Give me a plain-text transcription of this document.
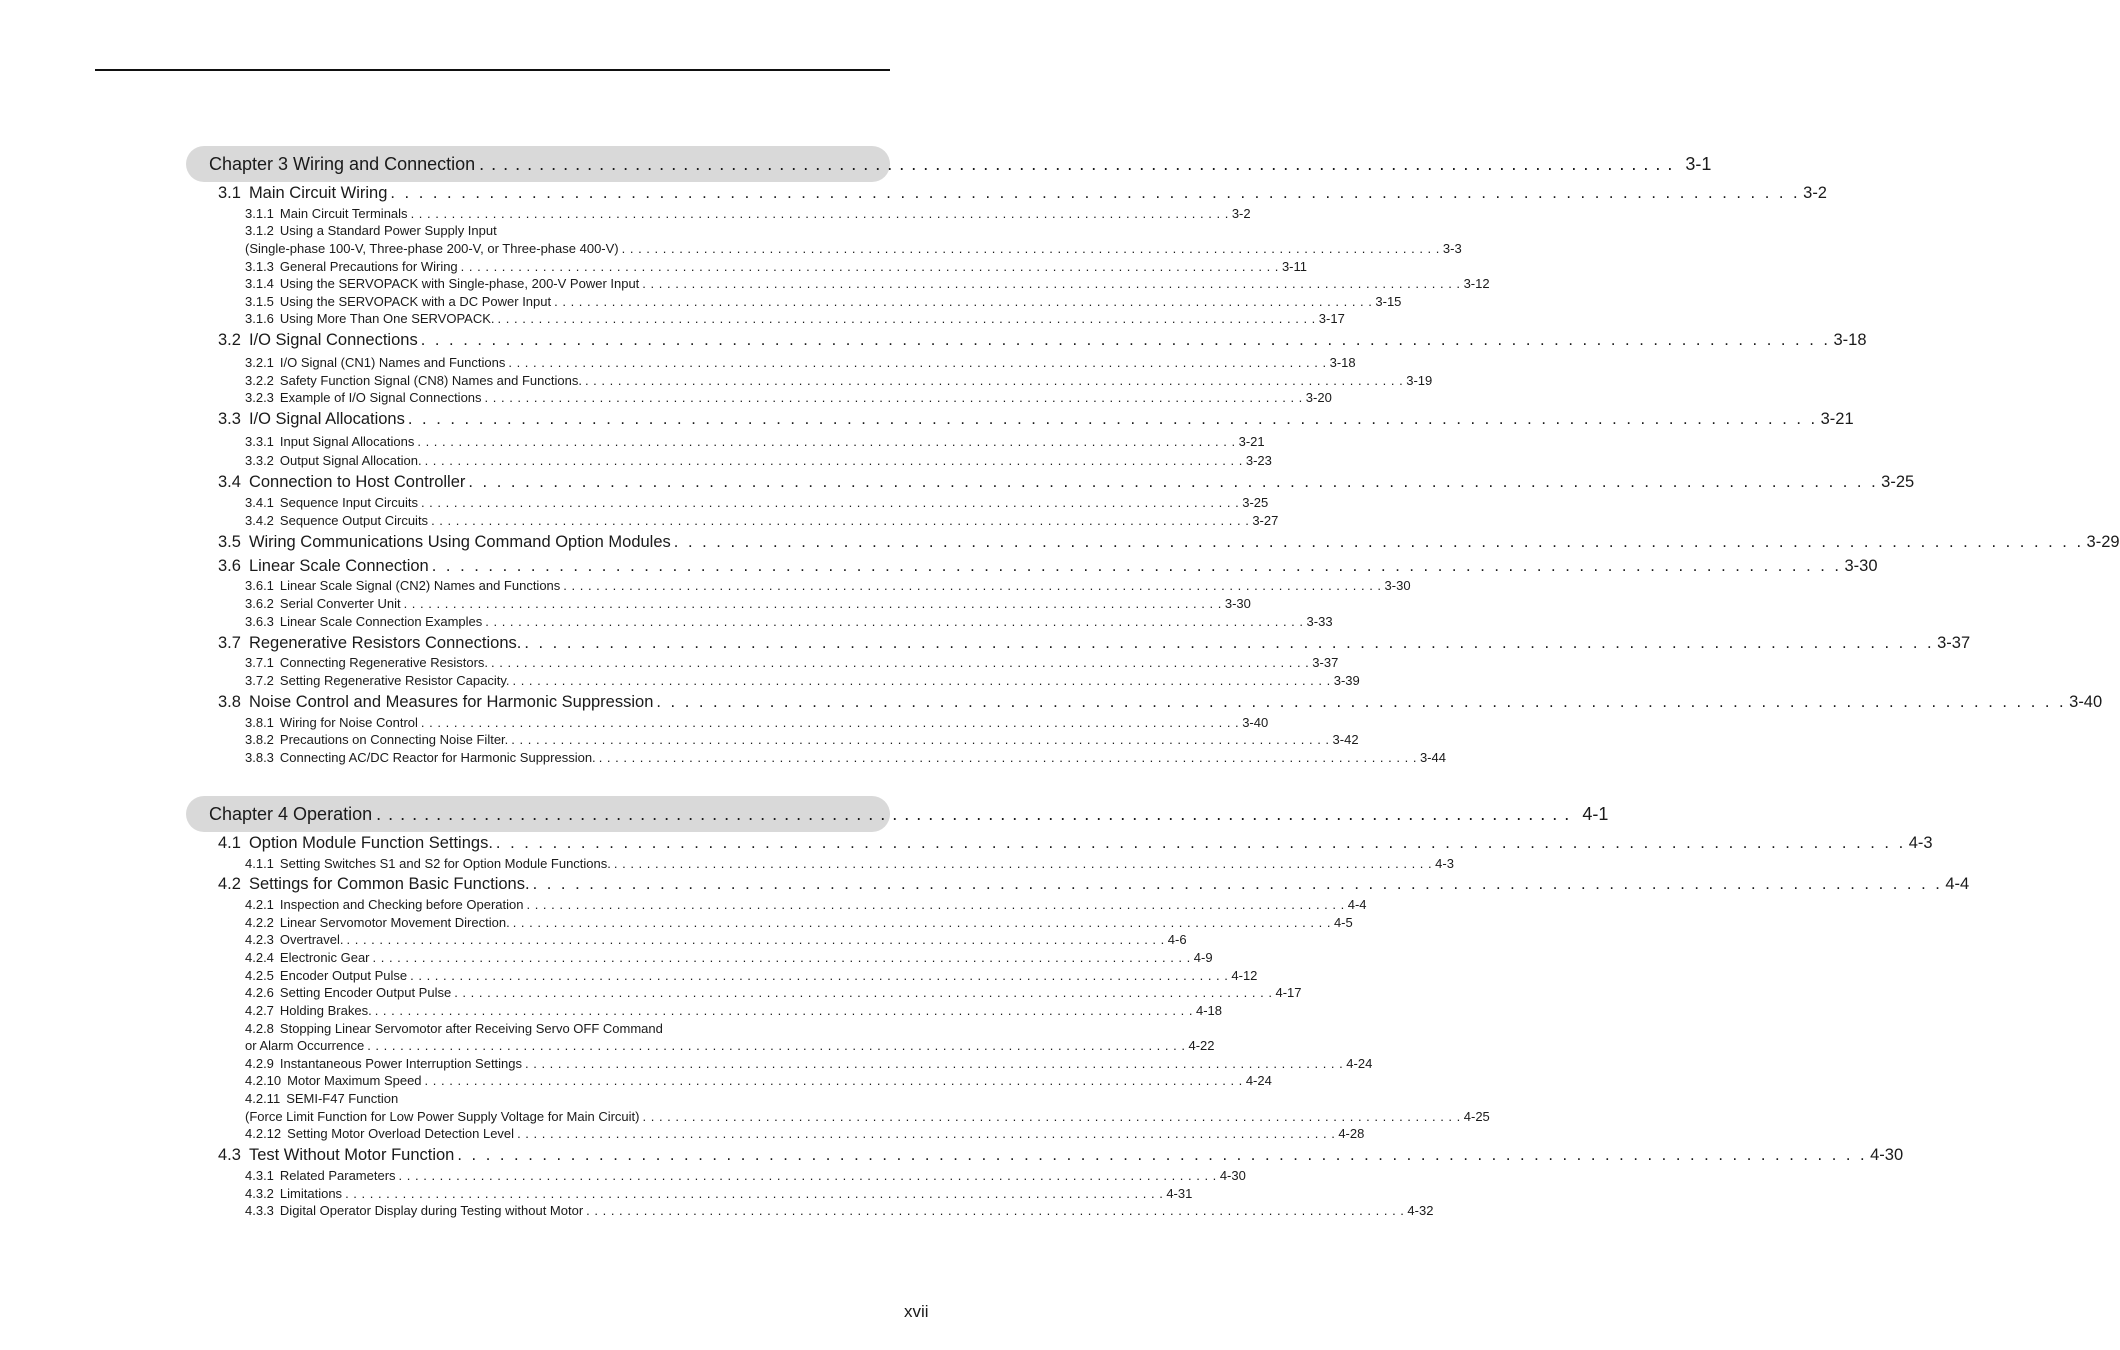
Chapter 3 Wiring and Connection . . . . . . . . . . . . . . . . . . . . . . . . . . . . . . . . . . . . . . . . . . . . . . . . . . . . . . . . . . . . . . . . . . . . . . . . . . . . . . . . . . . . . . . . . . . . . . . . . . . . 3-1
3.1 Main Circuit Wiring . . . . . . . . . . . . . . . . . . . . . . . . . . . . . . . . . . . . . . . . . . . . . . . . . . . . . . . . . . . . . . . . . . . . . . . . . . . . . . . . . . . . . . . . . . . . . . . . . . . . 3-2
3.1.1 Main Circuit Terminals . . . . . . . . . . . . . . . . . . . . . . . . . . . . . . . . . . . . . . . . . . . . . . . . . . . . . . . . . . . . . . . . . . . . . . . . . . . . . . . . . . . . . . . . . . . . . . . . . . . . 3-2
3.1.2 Using a Standard Power Supply Input
(Single-phase 100-V, Three-phase 200-V, or Three-phase 400-V) . . . . . . . . . . . . . . . . . . . . . . . . . . . . . . . . . . . . . . . . . . . . . . . . . . . . . . . . . . . . . . . . . . . . . . . . . . . . . . . . . . . . . . . . . . . . . . . . . . . . 3-3
3.1.3 General Precautions for Wiring . . . . . . . . . . . . . . . . . . . . . . . . . . . . . . . . . . . . . . . . . . . . . . . . . . . . . . . . . . . . . . . . . . . . . . . . . . . . . . . . . . . . . . . . . . . . . . . . . . . . 3-11
3.1.4 Using the SERVOPACK with Single-phase, 200-V Power Input . . . . . . . . . . . . . . . . . . . . . . . . . . . . . . . . . . . . . . . . . . . . . . . . . . . . . . . . . . . . . . . . . . . . . . . . . . . . . . . . . . . . . . . . . . . . . . . . . . . . 3-12
3.1.5 Using the SERVOPACK with a DC Power Input . . . . . . . . . . . . . . . . . . . . . . . . . . . . . . . . . . . . . . . . . . . . . . . . . . . . . . . . . . . . . . . . . . . . . . . . . . . . . . . . . . . . . . . . . . . . . . . . . . . . 3-15
3.1.6 Using More Than One SERVOPACK. . . . . . . . . . . . . . . . . . . . . . . . . . . . . . . . . . . . . . . . . . . . . . . . . . . . . . . . . . . . . . . . . . . . . . . . . . . . . . . . . . . . . . . . . . . . . . . . . . . . . 3-17
3.2 I/O Signal Connections . . . . . . . . . . . . . . . . . . . . . . . . . . . . . . . . . . . . . . . . . . . . . . . . . . . . . . . . . . . . . . . . . . . . . . . . . . . . . . . . . . . . . . . . . . . . . . . . . . . . 3-18
3.2.1 I/O Signal (CN1) Names and Functions . . . . . . . . . . . . . . . . . . . . . . . . . . . . . . . . . . . . . . . . . . . . . . . . . . . . . . . . . . . . . . . . . . . . . . . . . . . . . . . . . . . . . . . . . . . . . . . . . . . . 3-18
3.2.2 Safety Function Signal (CN8) Names and Functions. . . . . . . . . . . . . . . . . . . . . . . . . . . . . . . . . . . . . . . . . . . . . . . . . . . . . . . . . . . . . . . . . . . . . . . . . . . . . . . . . . . . . . . . . . . . . . . . . . . . . 3-19
3.2.3 Example of I/O Signal Connections . . . . . . . . . . . . . . . . . . . . . . . . . . . . . . . . . . . . . . . . . . . . . . . . . . . . . . . . . . . . . . . . . . . . . . . . . . . . . . . . . . . . . . . . . . . . . . . . . . . . 3-20
3.3 I/O Signal Allocations . . . . . . . . . . . . . . . . . . . . . . . . . . . . . . . . . . . . . . . . . . . . . . . . . . . . . . . . . . . . . . . . . . . . . . . . . . . . . . . . . . . . . . . . . . . . . . . . . . . . 3-21
3.3.1 Input Signal Allocations . . . . . . . . . . . . . . . . . . . . . . . . . . . . . . . . . . . . . . . . . . . . . . . . . . . . . . . . . . . . . . . . . . . . . . . . . . . . . . . . . . . . . . . . . . . . . . . . . . . . 3-21
3.3.2 Output Signal Allocation. . . . . . . . . . . . . . . . . . . . . . . . . . . . . . . . . . . . . . . . . . . . . . . . . . . . . . . . . . . . . . . . . . . . . . . . . . . . . . . . . . . . . . . . . . . . . . . . . . . . . 3-23
3.4 Connection to Host Controller . . . . . . . . . . . . . . . . . . . . . . . . . . . . . . . . . . . . . . . . . . . . . . . . . . . . . . . . . . . . . . . . . . . . . . . . . . . . . . . . . . . . . . . . . . . . . . . . . . . . 3-25
3.4.1 Sequence Input Circuits . . . . . . . . . . . . . . . . . . . . . . . . . . . . . . . . . . . . . . . . . . . . . . . . . . . . . . . . . . . . . . . . . . . . . . . . . . . . . . . . . . . . . . . . . . . . . . . . . . . . 3-25
3.4.2 Sequence Output Circuits . . . . . . . . . . . . . . . . . . . . . . . . . . . . . . . . . . . . . . . . . . . . . . . . . . . . . . . . . . . . . . . . . . . . . . . . . . . . . . . . . . . . . . . . . . . . . . . . . . . . 3-27
3.5 Wiring Communications Using Command Option Modules . . . . . . . . . . . . . . . . . . . . . . . . . . . . . . . . . . . . . . . . . . . . . . . . . . . . . . . . . . . . . . . . . . . . . . . . . . . . . . . . . . . . . . . . . . . . . . . . . . . . 3-29
3.6 Linear Scale Connection . . . . . . . . . . . . . . . . . . . . . . . . . . . . . . . . . . . . . . . . . . . . . . . . . . . . . . . . . . . . . . . . . . . . . . . . . . . . . . . . . . . . . . . . . . . . . . . . . . . . 3-30
3.6.1 Linear Scale Signal (CN2) Names and Functions . . . . . . . . . . . . . . . . . . . . . . . . . . . . . . . . . . . . . . . . . . . . . . . . . . . . . . . . . . . . . . . . . . . . . . . . . . . . . . . . . . . . . . . . . . . . . . . . . . . . 3-30
3.6.2 Serial Converter Unit . . . . . . . . . . . . . . . . . . . . . . . . . . . . . . . . . . . . . . . . . . . . . . . . . . . . . . . . . . . . . . . . . . . . . . . . . . . . . . . . . . . . . . . . . . . . . . . . . . . . 3-30
3.6.3 Linear Scale Connection Examples . . . . . . . . . . . . . . . . . . . . . . . . . . . . . . . . . . . . . . . . . . . . . . . . . . . . . . . . . . . . . . . . . . . . . . . . . . . . . . . . . . . . . . . . . . . . . . . . . . . . 3-33
3.7 Regenerative Resistors Connections. . . . . . . . . . . . . . . . . . . . . . . . . . . . . . . . . . . . . . . . . . . . . . . . . . . . . . . . . . . . . . . . . . . . . . . . . . . . . . . . . . . . . . . . . . . . . . . . . . . . . 3-37
3.7.1 Connecting Regenerative Resistors. . . . . . . . . . . . . . . . . . . . . . . . . . . . . . . . . . . . . . . . . . . . . . . . . . . . . . . . . . . . . . . . . . . . . . . . . . . . . . . . . . . . . . . . . . . . . . . . . . . . . 3-37
3.7.2 Setting Regenerative Resistor Capacity. . . . . . . . . . . . . . . . . . . . . . . . . . . . . . . . . . . . . . . . . . . . . . . . . . . . . . . . . . . . . . . . . . . . . . . . . . . . . . . . . . . . . . . . . . . . . . . . . . . . . 3-39
3.8 Noise Control and Measures for Harmonic Suppression . . . . . . . . . . . . . . . . . . . . . . . . . . . . . . . . . . . . . . . . . . . . . . . . . . . . . . . . . . . . . . . . . . . . . . . . . . . . . . . . . . . . . . . . . . . . . . . . . . . . 3-40
3.8.1 Wiring for Noise Control . . . . . . . . . . . . . . . . . . . . . . . . . . . . . . . . . . . . . . . . . . . . . . . . . . . . . . . . . . . . . . . . . . . . . . . . . . . . . . . . . . . . . . . . . . . . . . . . . . . . 3-40
3.8.2 Precautions on Connecting Noise Filter. . . . . . . . . . . . . . . . . . . . . . . . . . . . . . . . . . . . . . . . . . . . . . . . . . . . . . . . . . . . . . . . . . . . . . . . . . . . . . . . . . . . . . . . . . . . . . . . . . . . . 3-42
3.8.3 Connecting AC/DC Reactor for Harmonic Suppression. . . . . . . . . . . . . . . . . . . . . . . . . . . . . . . . . . . . . . . . . . . . . . . . . . . . . . . . . . . . . . . . . . . . . . . . . . . . . . . . . . . . . . . . . . . . . . . . . . . . . 3-44
Chapter 4 Operation . . . . . . . . . . . . . . . . . . . . . . . . . . . . . . . . . . . . . . . . . . . . . . . . . . . . . . . . . . . . . . . . . . . . . . . . . . . . . . . . . . . . . . . . . . . . . . . . . . . . 4-1
4.1 Option Module Function Settings. . . . . . . . . . . . . . . . . . . . . . . . . . . . . . . . . . . . . . . . . . . . . . . . . . . . . . . . . . . . . . . . . . . . . . . . . . . . . . . . . . . . . . . . . . . . . . . . . . . . . 4-3
4.1.1 Setting Switches S1 and S2 for Option Module Functions. . . . . . . . . . . . . . . . . . . . . . . . . . . . . . . . . . . . . . . . . . . . . . . . . . . . . . . . . . . . . . . . . . . . . . . . . . . . . . . . . . . . . . . . . . . . . . . . . . . . . 4-3
4.2 Settings for Common Basic Functions. . . . . . . . . . . . . . . . . . . . . . . . . . . . . . . . . . . . . . . . . . . . . . . . . . . . . . . . . . . . . . . . . . . . . . . . . . . . . . . . . . . . . . . . . . . . . . . . . . . . . 4-4
4.2.1 Inspection and Checking before Operation . . . . . . . . . . . . . . . . . . . . . . . . . . . . . . . . . . . . . . . . . . . . . . . . . . . . . . . . . . . . . . . . . . . . . . . . . . . . . . . . . . . . . . . . . . . . . . . . . . . . 4-4
4.2.2 Linear Servomotor Movement Direction. . . . . . . . . . . . . . . . . . . . . . . . . . . . . . . . . . . . . . . . . . . . . . . . . . . . . . . . . . . . . . . . . . . . . . . . . . . . . . . . . . . . . . . . . . . . . . . . . . . . . 4-5
4.2.3 Overtravel. . . . . . . . . . . . . . . . . . . . . . . . . . . . . . . . . . . . . . . . . . . . . . . . . . . . . . . . . . . . . . . . . . . . . . . . . . . . . . . . . . . . . . . . . . . . . . . . . . . . . 4-6
4.2.4 Electronic Gear . . . . . . . . . . . . . . . . . . . . . . . . . . . . . . . . . . . . . . . . . . . . . . . . . . . . . . . . . . . . . . . . . . . . . . . . . . . . . . . . . . . . . . . . . . . . . . . . . . . . 4-9
4.2.5 Encoder Output Pulse . . . . . . . . . . . . . . . . . . . . . . . . . . . . . . . . . . . . . . . . . . . . . . . . . . . . . . . . . . . . . . . . . . . . . . . . . . . . . . . . . . . . . . . . . . . . . . . . . . . . 4-12
4.2.6 Setting Encoder Output Pulse . . . . . . . . . . . . . . . . . . . . . . . . . . . . . . . . . . . . . . . . . . . . . . . . . . . . . . . . . . . . . . . . . . . . . . . . . . . . . . . . . . . . . . . . . . . . . . . . . . . . 4-17
4.2.7 Holding Brakes. . . . . . . . . . . . . . . . . . . . . . . . . . . . . . . . . . . . . . . . . . . . . . . . . . . . . . . . . . . . . . . . . . . . . . . . . . . . . . . . . . . . . . . . . . . . . . . . . . . . . 4-18
4.2.8 Stopping Linear Servomotor after Receiving Servo OFF Command
or Alarm Occurrence . . . . . . . . . . . . . . . . . . . . . . . . . . . . . . . . . . . . . . . . . . . . . . . . . . . . . . . . . . . . . . . . . . . . . . . . . . . . . . . . . . . . . . . . . . . . . . . . . . . . 4-22
4.2.9 Instantaneous Power Interruption Settings . . . . . . . . . . . . . . . . . . . . . . . . . . . . . . . . . . . . . . . . . . . . . . . . . . . . . . . . . . . . . . . . . . . . . . . . . . . . . . . . . . . . . . . . . . . . . . . . . . . . 4-24
4.2.10 Motor Maximum Speed . . . . . . . . . . . . . . . . . . . . . . . . . . . . . . . . . . . . . . . . . . . . . . . . . . . . . . . . . . . . . . . . . . . . . . . . . . . . . . . . . . . . . . . . . . . . . . . . . . . . 4-24
4.2.11 SEMI-F47 Function
(Force Limit Function for Low Power Supply Voltage for Main Circuit) . . . . . . . . . . . . . . . . . . . . . . . . . . . . . . . . . . . . . . . . . . . . . . . . . . . . . . . . . . . . . . . . . . . . . . . . . . . . . . . . . . . . . . . . . . . . . . . . . . . . 4-25
4.2.12 Setting Motor Overload Detection Level . . . . . . . . . . . . . . . . . . . . . . . . . . . . . . . . . . . . . . . . . . . . . . . . . . . . . . . . . . . . . . . . . . . . . . . . . . . . . . . . . . . . . . . . . . . . . . . . . . . . 4-28
4.3 Test Without Motor Function . . . . . . . . . . . . . . . . . . . . . . . . . . . . . . . . . . . . . . . . . . . . . . . . . . . . . . . . . . . . . . . . . . . . . . . . . . . . . . . . . . . . . . . . . . . . . . . . . . . . 4-30
4.3.1 Related Parameters . . . . . . . . . . . . . . . . . . . . . . . . . . . . . . . . . . . . . . . . . . . . . . . . . . . . . . . . . . . . . . . . . . . . . . . . . . . . . . . . . . . . . . . . . . . . . . . . . . . . 4-30
4.3.2 Limitations . . . . . . . . . . . . . . . . . . . . . . . . . . . . . . . . . . . . . . . . . . . . . . . . . . . . . . . . . . . . . . . . . . . . . . . . . . . . . . . . . . . . . . . . . . . . . . . . . . . . 4-31
4.3.3 Digital Operator Display during Testing without Motor . . . . . . . . . . . . . . . . . . . . . . . . . . . . . . . . . . . . . . . . . . . . . . . . . . . . . . . . . . . . . . . . . . . . . . . . . . . . . . . . . . . . . . . . . . . . . . . . . . . . 4-32
xvii
